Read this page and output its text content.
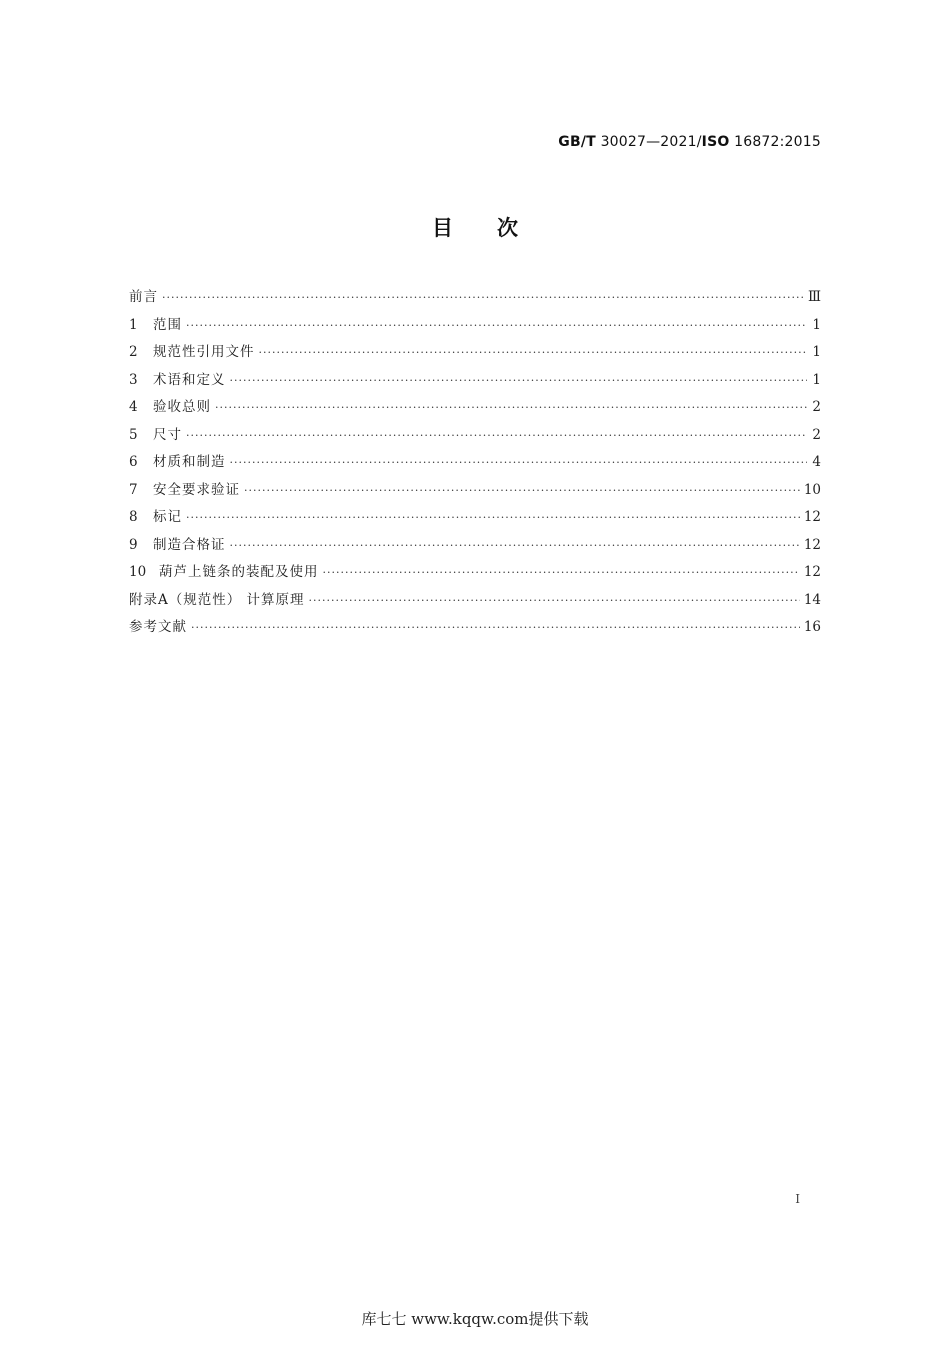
GB/T 30027—2021/ISO 16872:2015
目次
前言 ·····	Ⅲ
1	范围 ·····	1
2	规范性引用文件 ·····	1
3	术语和定义 ·····	1
4	验收总则 ·····	2
5	尺寸 ·····	2
6	材质和制造 ·····	4
7	安全要求验证 ·····	10
8	标记 ·····	12
9	制造合格证 ·····	12
10 葫芦上链条的装配及使用 ·····	12
附录A（规范性） 计算原理 ·····	14
参考文献 ·····	16
I
库七七 www.kqqw.com提供下载
